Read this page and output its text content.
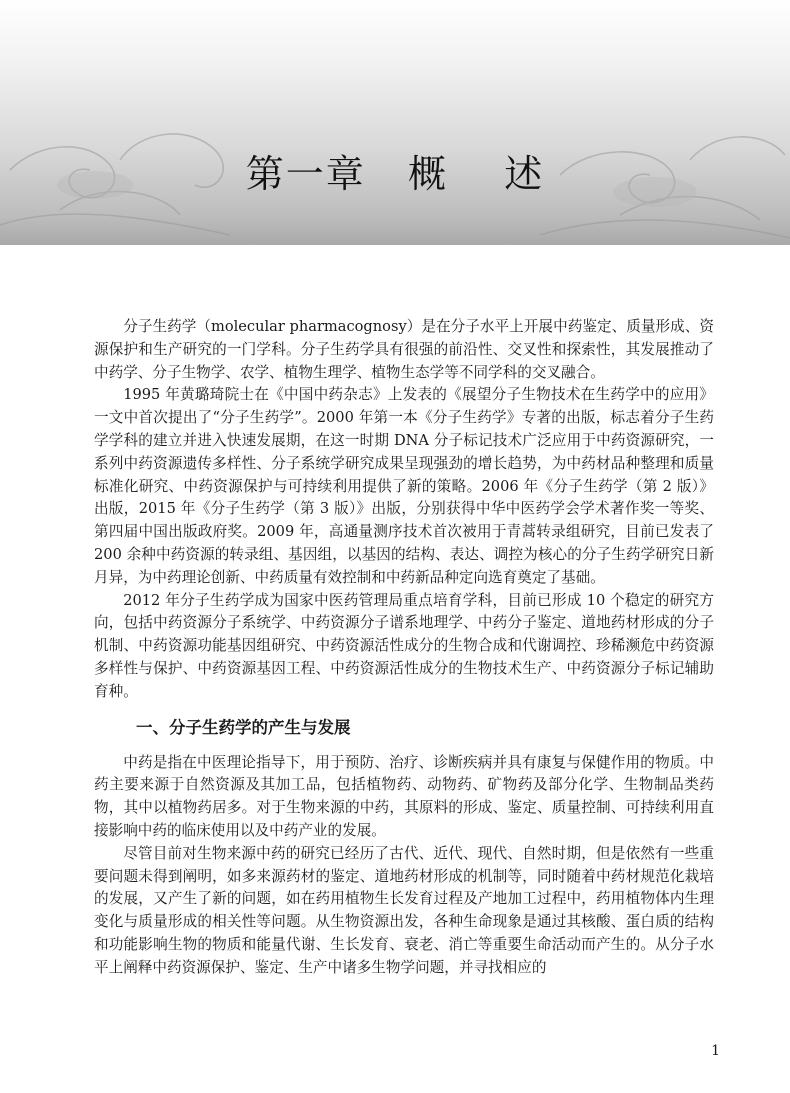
第一章   概    述

分子生药学（molecular pharmacognosy）是在分子水平上开展中药鉴定、质量形成、资源保护和生产研究的一门学科。分子生药学具有很强的前沿性、交叉性和探索性，其发展推动了中药学、分子生物学、农学、植物生理学、植物生态学等不同学科的交叉融合。

1995 年黄璐琦院士在《中国中药杂志》上发表的《展望分子生物技术在生药学中的应用》一文中首次提出了“分子生药学”。2000 年第一本《分子生药学》专著的出版，标志着分子生药学学科的建立并进入快速发展期，在这一时期 DNA 分子标记技术广泛应用于中药资源研究，一系列中药资源遗传多样性、分子系统学研究成果呈现强劲的增长趋势，为中药材品种整理和质量标准化研究、中药资源保护与可持续利用提供了新的策略。2006 年《分子生药学（第 2 版）》出版，2015 年《分子生药学（第 3 版）》出版，分别获得中华中医药学会学术著作奖一等奖、第四届中国出版政府奖。2009 年，高通量测序技术首次被用于青蒿转录组研究，目前已发表了 200 余种中药资源的转录组、基因组，以基因的结构、表达、调控为核心的分子生药学研究日新月异，为中药理论创新、中药质量有效控制和中药新品种定向选育奠定了基础。

2012 年分子生药学成为国家中医药管理局重点培育学科，目前已形成 10 个稳定的研究方向，包括中药资源分子系统学、中药资源分子谱系地理学、中药分子鉴定、道地药材形成的分子机制、中药资源功能基因组研究、中药资源活性成分的生物合成和代谢调控、珍稀濒危中药资源多样性与保护、中药资源基因工程、中药资源活性成分的生物技术生产、中药资源分子标记辅助育种。

一、分子生药学的产生与发展

中药是指在中医理论指导下，用于预防、治疗、诊断疾病并具有康复与保健作用的物质。中药主要来源于自然资源及其加工品，包括植物药、动物药、矿物药及部分化学、生物制品类药物，其中以植物药居多。对于生物来源的中药，其原料的形成、鉴定、质量控制、可持续利用直接影响中药的临床使用以及中药产业的发展。

尽管目前对生物来源中药的研究已经历了古代、近代、现代、自然时期，但是依然有一些重要问题未得到阐明，如多来源药材的鉴定、道地药材形成的机制等，同时随着中药材规范化栽培的发展，又产生了新的问题，如在药用植物生长发育过程及产地加工过程中，药用植物体内生理变化与质量形成的相关性等问题。从生物资源出发，各种生命现象是通过其核酸、蛋白质的结构和功能影响生物的物质和能量代谢、生长发育、衰老、消亡等重要生命活动而产生的。从分子水平上阐释中药资源保护、鉴定、生产中诸多生物学问题，并寻找相应的

1
